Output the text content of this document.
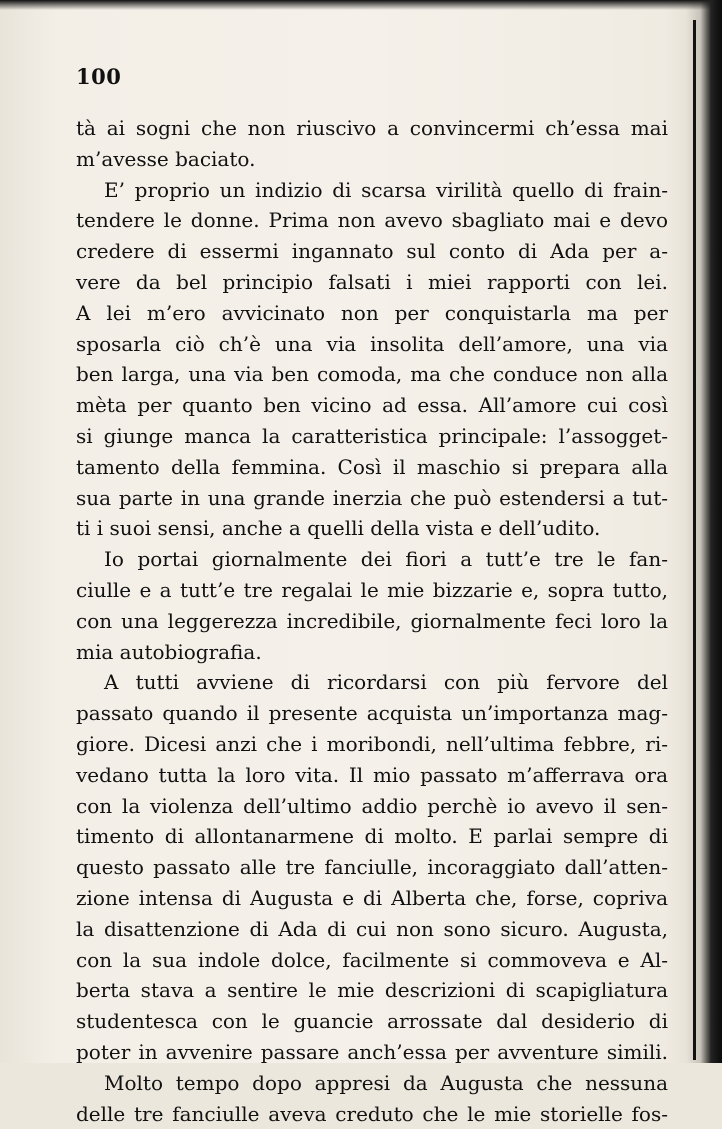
100
tà ai sogni che non riuscivo a convincermi ch’essa mai
m’avesse baciato.
E’ proprio un indizio di scarsa virilità quello di frain-
tendere le donne. Prima non avevo sbagliato mai e devo
credere di essermi ingannato sul conto di Ada per a-
vere da bel principio falsati i miei rapporti con lei.
A lei m’ero avvicinato non per conquistarla ma per
sposarla ciò ch’è una via insolita dell’amore, una via
ben larga, una via ben comoda, ma che conduce non alla
mèta per quanto ben vicino ad essa. All’amore cui così
si giunge manca la caratteristica principale: l’assogget-
tamento della femmina. Così il maschio si prepara alla
sua parte in una grande inerzia che può estendersi a tut-
ti i suoi sensi, anche a quelli della vista e dell’udito.
Io portai giornalmente dei fiori a tutt’e tre le fan-
ciulle e a tutt’e tre regalai le mie bizzarie e, sopra tutto,
con una leggerezza incredibile, giornalmente feci loro la
mia autobiografia.
A tutti avviene di ricordarsi con più fervore del
passato quando il presente acquista un’importanza mag-
giore. Dicesi anzi che i moribondi, nell’ultima febbre, ri-
vedano tutta la loro vita. Il mio passato m’afferrava ora
con la violenza dell’ultimo addio perchè io avevo il sen-
timento di allontanarmene di molto. E parlai sempre di
questo passato alle tre fanciulle, incoraggiato dall’atten-
zione intensa di Augusta e di Alberta che, forse, copriva
la disattenzione di Ada di cui non sono sicuro. Augusta,
con la sua indole dolce, facilmente si commoveva e Al-
berta stava a sentire le mie descrizioni di scapigliatura
studentesca con le guancie arrossate dal desiderio di
poter in avvenire passare anch’essa per avventure simili.
Molto tempo dopo appresi da Augusta che nessuna
delle tre fanciulle aveva creduto che le mie storielle fos-
